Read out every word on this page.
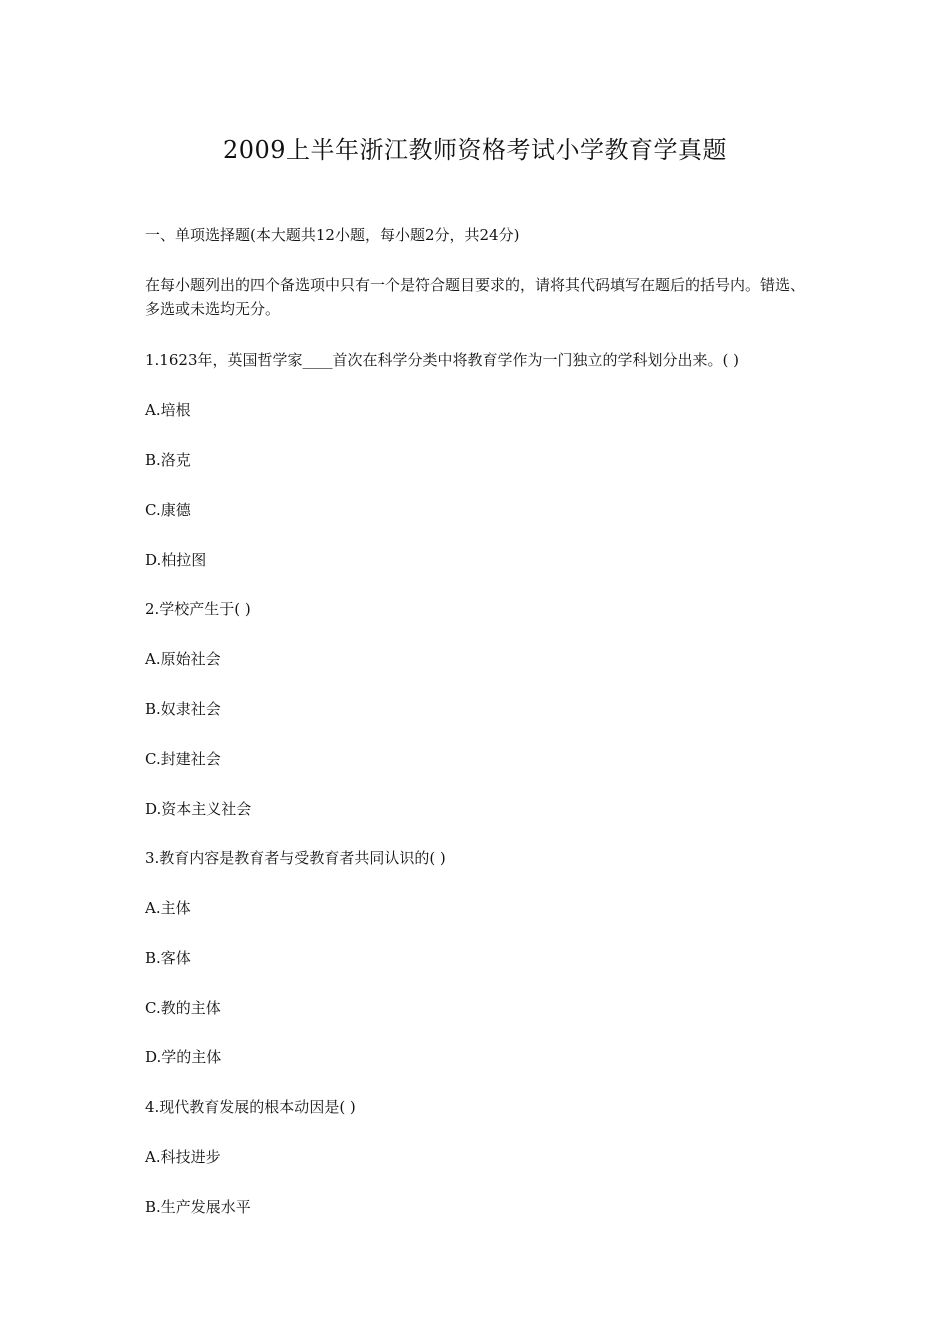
2009上半年浙江教师资格考试小学教育学真题
一、单项选择题(本大题共12小题，每小题2分，共24分)
在每小题列出的四个备选项中只有一个是符合题目要求的，请将其代码填写在题后的括号内。错选、多选或未选均无分。
1.1623年，英国哲学家____首次在科学分类中将教育学作为一门独立的学科划分出来。( )
A.培根
B.洛克
C.康德
D.柏拉图
2.学校产生于( )
A.原始社会
B.奴隶社会
C.封建社会
D.资本主义社会
3.教育内容是教育者与受教育者共同认识的( )
A.主体
B.客体
C.教的主体
D.学的主体
4.现代教育发展的根本动因是( )
A.科技进步
B.生产发展水平
